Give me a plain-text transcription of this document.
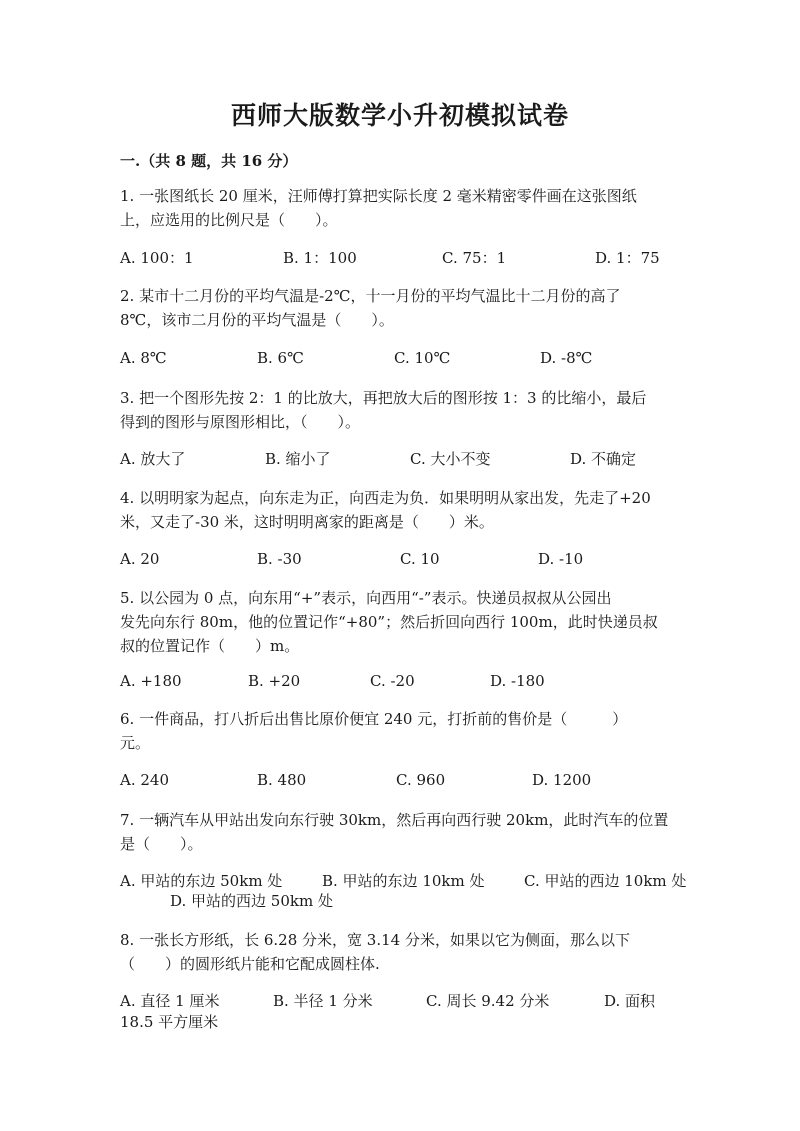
西师大版数学小升初模拟试卷
一.（共 8 题，共 16 分）
1. 一张图纸长 20 厘米，汪师傅打算把实际长度 2 毫米精密零件画在这张图纸
上，应选用的比例尺是（　　）。
A. 100：1	B. 1：100	C. 75：1	D. 1：75
2. 某市十二月份的平均气温是-2℃，十一月份的平均气温比十二月份的高了
8℃，该市二月份的平均气温是（　　）。
A. 8℃	B. 6℃	C. 10℃	D. -8℃
3. 把一个图形先按 2：1 的比放大，再把放大后的图形按 1：3 的比缩小，最后
得到的图形与原图形相比，（　　）。
A. 放大了	B. 缩小了	C. 大小不变	D. 不确定
4. 以明明家为起点，向东走为正，向西走为负．如果明明从家出发，先走了+20
米，又走了-30 米，这时明明离家的距离是（　　）米。
A. 20	B. -30	C. 10	D. -10
5. 以公园为 0 点，向东用“+”表示，向西用“-”表示。快递员叔叔从公园出
发先向东行 80m，他的位置记作“+80”；然后折回向西行 100m，此时快递员叔
叔的位置记作（　　）m。
A. +180	B. +20	C. -20	D. -180
6. 一件商品，打八折后出售比原价便宜 240 元，打折前的售价是（　　　）
元。
A. 240	B. 480	C. 960	D. 1200
7. 一辆汽车从甲站出发向东行驶 30km，然后再向西行驶 20km，此时汽车的位置
是（　　）。
A. 甲站的东边 50km 处	B. 甲站的东边 10km 处	C. 甲站的西边 10km 处
D. 甲站的西边 50km 处
8. 一张长方形纸，长 6.28 分米，宽 3.14 分米，如果以它为侧面，那么以下
（　　）的圆形纸片能和它配成圆柱体.
A. 直径 1 厘米	B. 半径 1 分米	C. 周长 9.42 分米	D. 面积
18.5 平方厘米
